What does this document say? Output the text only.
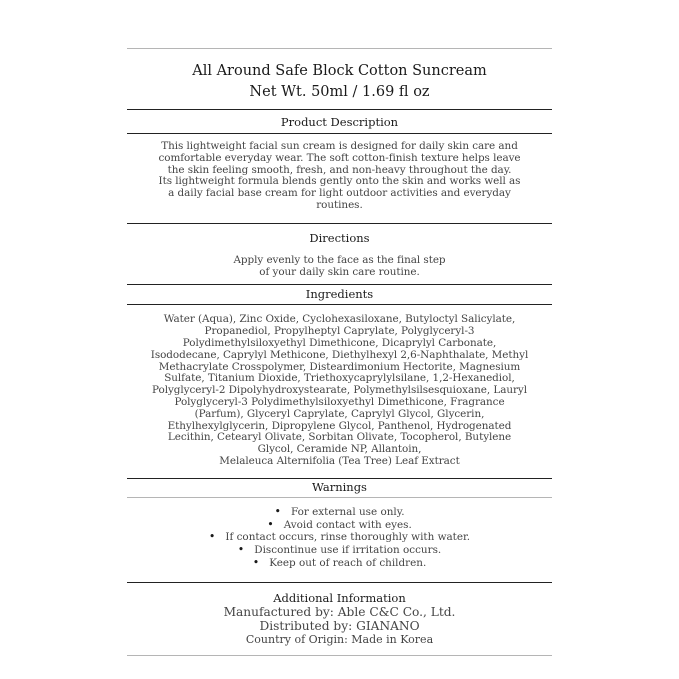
All Around Safe Block Cotton Suncream
Net Wt. 50ml / 1.69 fl oz
Product Description
This lightweight facial sun cream is designed for daily skin care and
comfortable everyday wear. The soft cotton-finish texture helps leave
the skin feeling smooth, fresh, and non-heavy throughout the day.
Its lightweight formula blends gently onto the skin and works well as
a daily facial base cream for light outdoor activities and everyday
routines.
Directions
Apply evenly to the face as the final step
of your daily skin care routine.
Ingredients
Water (Aqua), Zinc Oxide, Cyclohexasiloxane, Butyloctyl Salicylate,
Propanediol, Propylheptyl Caprylate, Polyglyceryl-3
Polydimethylsiloxyethyl Dimethicone, Dicaprylyl Carbonate,
Isododecane, Caprylyl Methicone, Diethylhexyl 2,6-Naphthalate, Methyl
Methacrylate Crosspolymer, Disteardimonium Hectorite, Magnesium
Sulfate, Titanium Dioxide, Triethoxycaprylylsilane, 1,2-Hexanediol,
Polyglyceryl-2 Dipolyhydroxystearate, Polymethylsilsesquioxane, Lauryl
Polyglyceryl-3 Polydimethylsiloxyethyl Dimethicone, Fragrance
(Parfum), Glyceryl Caprylate, Caprylyl Glycol, Glycerin,
Ethylhexylglycerin, Dipropylene Glycol, Panthenol, Hydrogenated
Lecithin, Cetearyl Olivate, Sorbitan Olivate, Tocopherol, Butylene
Glycol, Ceramide NP, Allantoin,
Melaleuca Alternifolia (Tea Tree) Leaf Extract
Warnings
• For external use only.
• Avoid contact with eyes.
• If contact occurs, rinse thoroughly with water.
• Discontinue use if irritation occurs.
• Keep out of reach of children.
Additional Information
Manufactured by: Able C&C Co., Ltd.
Distributed by: GIANANO
Country of Origin: Made in Korea
